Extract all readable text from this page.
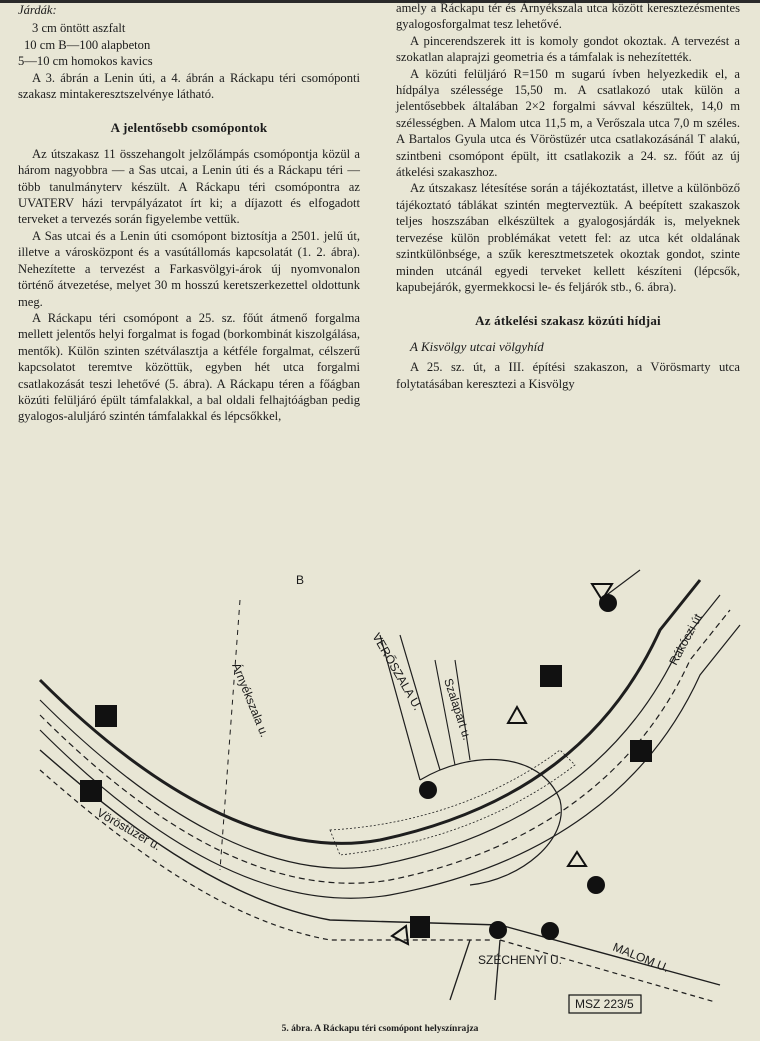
Járdák:
3 cm öntött aszfalt
10 cm B—100 alapbeton
5—10 cm homokos kavics

A 3. ábrán a Lenin úti, a 4. ábrán a Ráckapu téri csomóponti szakasz mintakeresztszelvénye látható.

A jelentősebb csomópontok

Az útszakasz 11 összehangolt jelzőlámpás csomópontja közül a három nagyobbra — a Sas utcai, a Lenin úti és a Ráckapu téri — több tanulmányterv készült. A Ráckapu téri csomópontra az UVATERV házi tervpályázatot írt ki; a díjazott és elfogadott terveket a tervezés során figyelembe vettük.

A Sas utcai és a Lenin úti csomópont biztosítja a 2501. jelű út, illetve a városközpont és a vasútállomás kapcsolatát (1. 2. ábra). Nehezítette a tervezést a Farkasvölgyi-árok új nyomvonalon történő átvezetése, melyet 30 m hosszú keretszerkezettel oldottunk meg.

A Ráckapu téri csomópont a 25. sz. főút átmenő forgalma mellett jelentős helyi forgalmat is fogad (borkombinát kiszolgálása, mentők). Külön szinten szétválasztja a kétféle forgalmat, célszerű kapcsolatot teremtve közöttük, egyben hét utca forgalmi csatlakozását teszi lehetővé (5. ábra). A Ráckapu téren a főágban közúti felüljáró épült támfalakkal, a bal oldali felhajtóágban pedig gyalogos-aluljáró szintén támfalakkal és lépcsőkkel,

amely a Ráckapu tér és Árnyékszala utca között keresztezésmentes gyalogosforgalmat tesz lehetővé.

A pincerendszerek itt is komoly gondot okoztak. A tervezést a szokatlan alaprajzi geometria és a támfalak is nehezítették.

A közúti felüljáró R=150 m sugarú ívben helyezkedik el, a hídpálya szélessége 15,50 m. A csatlakozó utak külön a jelentősebbek általában 2×2 forgalmi sávval készültek, 14,0 m szélességben. A Malom utca 11,5 m, a Verőszala utca 7,0 m széles. A Bartalos Gyula utca és Vöröstüzér utca csatlakozásánál T alakú, szintbeni csomópont épült, itt csatlakozik a 24. sz. főút az új átkelési szakaszhoz.

Az útszakasz létesítése során a tájékoztatást, illetve a különböző tájékoztató táblákat szintén megterveztük. A beépített szakaszok teljes hoszszában elkészültek a gyalogosjárdák is, melyeknek tervezése külön problémákat vetett fel: az utca két oldalának szintkülönbsége, a szűk keresztmetszetek okoztak gondot, szinte minden utcánál egyedi terveket kellett készíteni (lépcsők, kapubejárók, gyermekkocsi le- és feljárók stb., 6. ábra).

Az átkelési szakasz közúti hídjai
A Kisvölgy utcai völgyhíd

A 25. sz. út, a III. építési szakaszon, a Vörösmarty utca folytatásában keresztezi a Kisvölgy

B
Árnyékszala u.	VERŐSZALA U. Szalapart u.
Rákóczi út
Vöröstüzér u.
SZÉCHENYI U.	MALOM U.
MSZ 223/5
5. ábra. A Ráckapu téri csomópont helyszínrajza
